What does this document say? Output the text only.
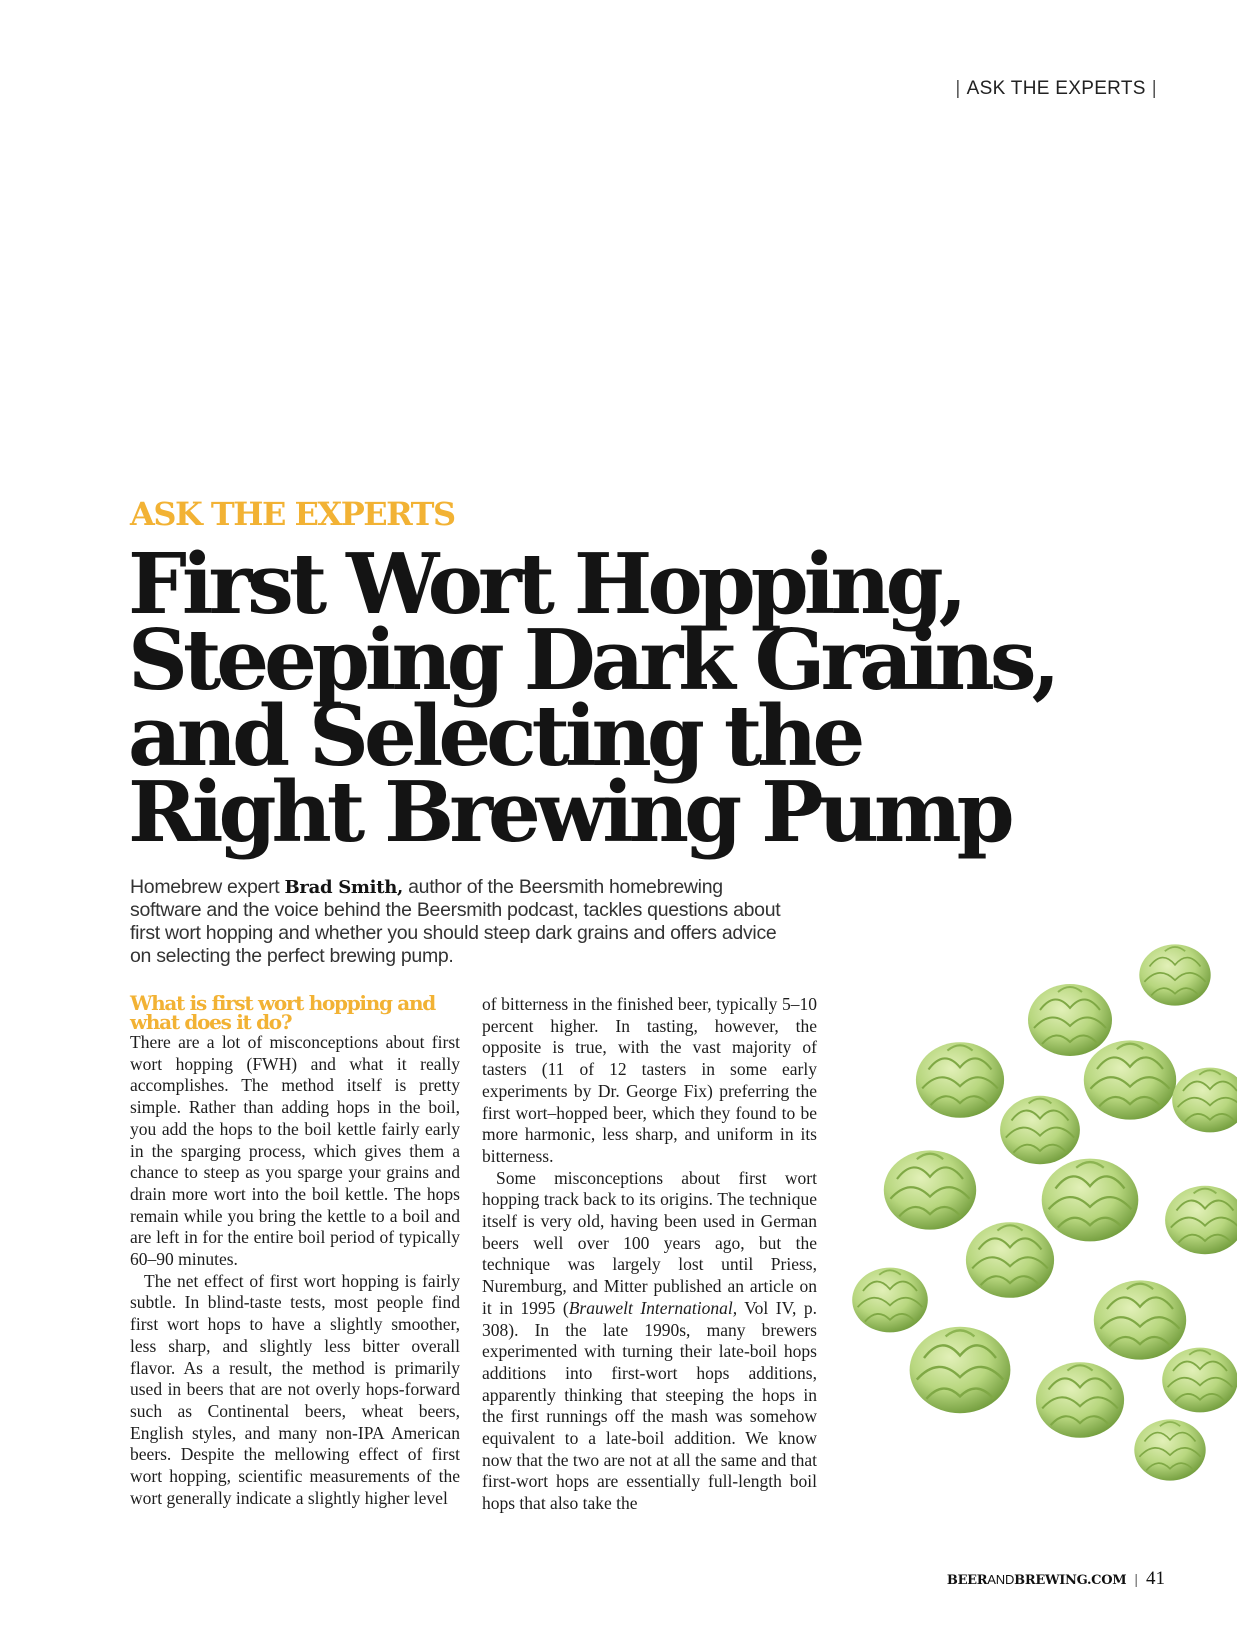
| ASK THE EXPERTS |
ASK THE EXPERTS
First Wort Hopping,
Steeping Dark Grains,
and Selecting the
Right Brewing Pump

Homebrew expert Brad Smith, author of the Beersmith homebrewing software and the voice behind the Beersmith podcast, tackles questions about first wort hopping and whether you should steep dark grains and offers advice on selecting the perfect brewing pump.

What is first wort hopping and what does it do?

There are a lot of misconceptions about first wort hopping (FWH) and what it really accomplishes. The method itself is pretty simple. Rather than adding hops in the boil, you add the hops to the boil kettle fairly early in the sparging process, which gives them a chance to steep as you sparge your grains and drain more wort into the boil kettle. The hops remain while you bring the kettle to a boil and are left in for the entire boil period of typically 60–90 minutes.

The net effect of first wort hopping is fairly subtle. In blind-taste tests, most people find first wort hops to have a slightly smoother, less sharp, and slightly less bitter overall flavor. As a result, the method is primarily used in beers that are not overly hops-forward such as Continental beers, wheat beers, English styles, and many non-IPA American beers. Despite the mellowing effect of first wort hopping, scientific measurements of the wort generally indicate a slightly higher level

of bitterness in the finished beer, typically 5–10 percent higher. In tasting, however, the opposite is true, with the vast majority of tasters (11 of 12 tasters in some early experiments by Dr. George Fix) preferring the first wort–hopped beer, which they found to be more harmonic, less sharp, and uniform in its bitterness.

Some misconceptions about first wort hopping track back to its origins. The technique itself is very old, having been used in German beers well over 100 years ago, but the technique was largely lost until Priess, Nuremburg, and Mitter published an article on it in 1995 (Brauwelt International, Vol IV, p. 308). In the late 1990s, many brewers experimented with turning their late-boil hops additions into first-wort hops additions, apparently thinking that steeping the hops in the first runnings off the mash was somehow equivalent to a late-boil addition. We know now that the two are not at all the same and that first-wort hops are essentially full-length boil hops that also take the

BEERANDBREWING.COM | 41
